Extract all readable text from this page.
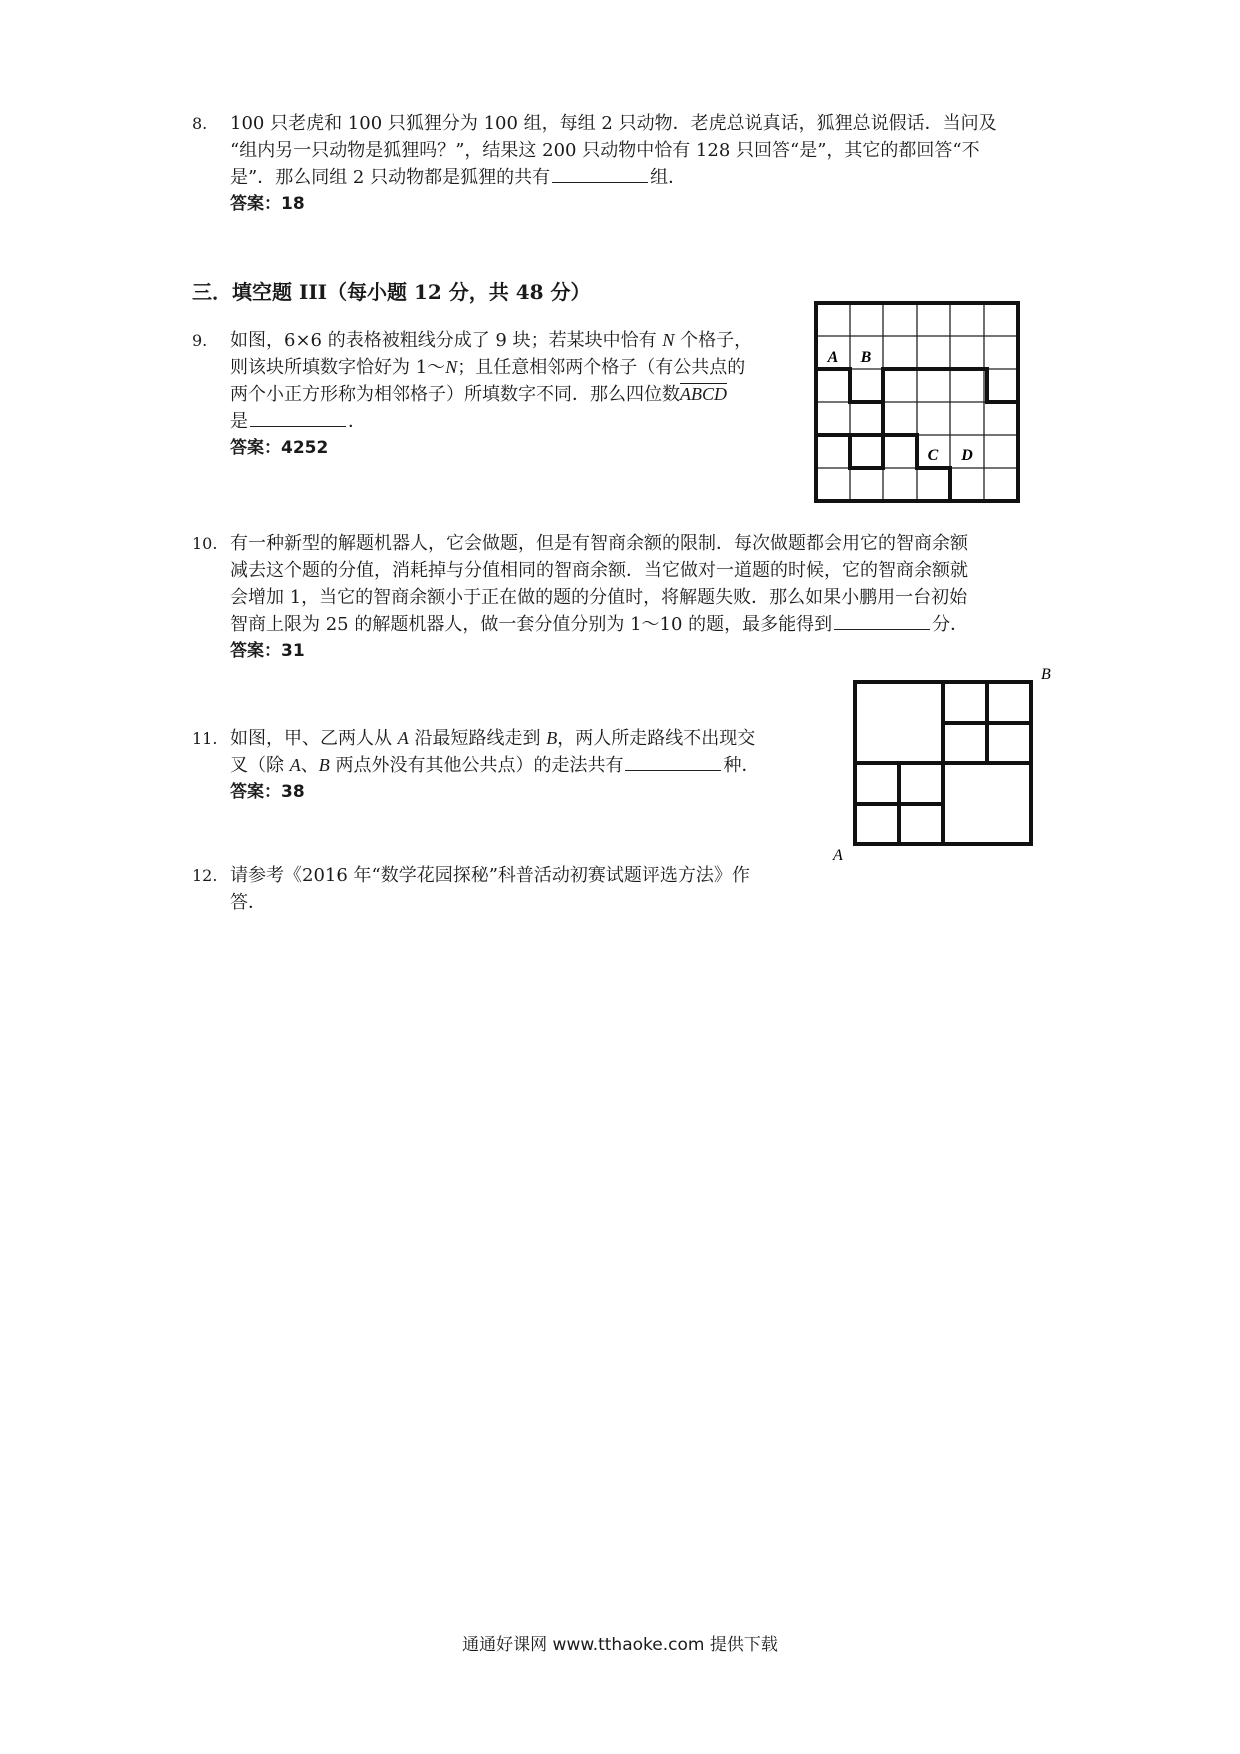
8.	100 只老虎和 100 只狐狸分为 100 组，每组 2 只动物．老虎总说真话，狐狸总说假话．当问及
“组内另一只动物是狐狸吗？”，结果这 200 只动物中恰有 128 只回答“是”，其它的都回答“不
是”．那么同组 2 只动物都是狐狸的共有	组．
答案：18
三．填空题 III（每小题 12 分，共 48 分）
9.	如图，6×6 的表格被粗线分成了 9 块；若某块中恰有 N 个格子，
则该块所填数字恰好为 1～N；且任意相邻两个格子（有公共点的
两个小正方形称为相邻格子）所填数字不同．那么四位数ABCD
是	．
答案：4252
A B
C D
10. 有一种新型的解题机器人，它会做题，但是有智商余额的限制．每次做题都会用它的智商余额
减去这个题的分值，消耗掉与分值相同的智商余额．当它做对一道题的时候，它的智商余额就
会增加 1，当它的智商余额小于正在做的题的分值时，将解题失败．那么如果小鹏用一台初始
智商上限为 25 的解题机器人，做一套分值分别为 1～10 的题，最多能得到	分．
答案：31
11. 如图，甲、乙两人从 A 沿最短路线走到 B，两人所走路线不出现交
叉（除 A、B 两点外没有其他公共点）的走法共有	种．
答案：38
B
A
12. 请参考《2016 年“数学花园探秘”科普活动初赛试题评选方法》作
答．
通通好课网 www.tthaoke.com 提供下载
